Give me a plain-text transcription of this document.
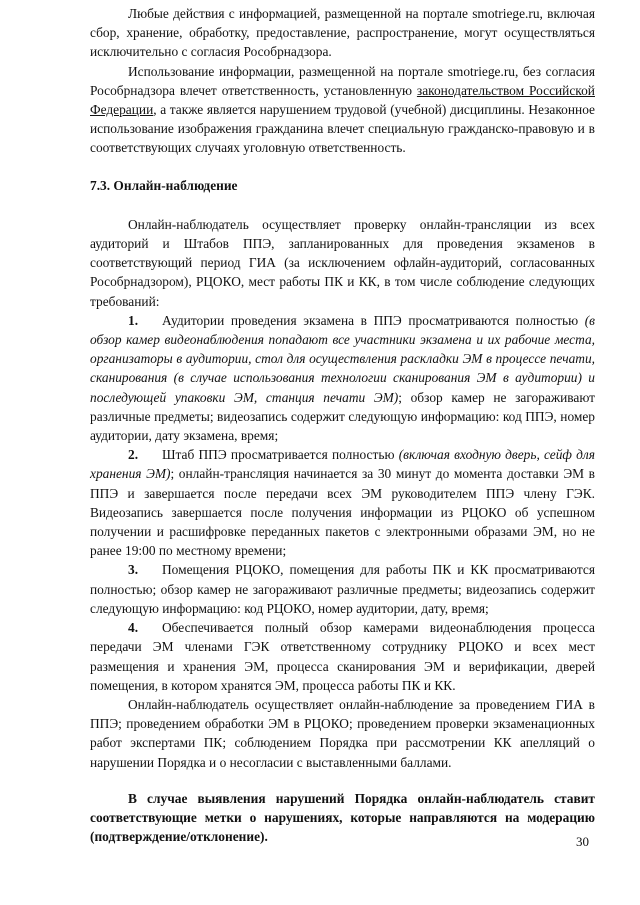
Любые действия с информацией, размещенной на портале smotriege.ru, включая сбор, хранение, обработку, предоставление, распространение, могут осуществляться исключительно с согласия Рособрнадзора.

Использование информации, размещенной на портале smotriege.ru, без согласия Рособрнадзора влечет ответственность, установленную законодательством Российской Федерации, а также является нарушением трудовой (учебной) дисциплины. Незаконное использование изображения гражданина влечет специальную гражданско-правовую и в соответствующих случаях уголовную ответственность.

7.3. Онлайн-наблюдение

Онлайн-наблюдатель осуществляет проверку онлайн-трансляции из всех аудиторий и Штабов ППЭ, запланированных для проведения экзаменов в соответствующий период ГИА (за исключением офлайн-аудиторий, согласованных Рособрнадзором), РЦОКО, мест работы ПК и КК, в том числе соблюдение следующих требований:

1. Аудитории проведения экзамена в ППЭ просматриваются полностью (в обзор камер видеонаблюдения попадают все участники экзамена и их рабочие места, организаторы в аудитории, стол для осуществления раскладки ЭМ в процессе печати, сканирования (в случае использования технологии сканирования ЭМ в аудитории) и последующей упаковки ЭМ, станция печати ЭМ); обзор камер не загораживают различные предметы; видеозапись содержит следующую информацию: код ППЭ, номер аудитории, дату экзамена, время;

2. Штаб ППЭ просматривается полностью (включая входную дверь, сейф для хранения ЭМ); онлайн-трансляция начинается за 30 минут до момента доставки ЭМ в ППЭ и завершается после передачи всех ЭМ руководителем ППЭ члену ГЭК. Видеозапись завершается после получения информации из РЦОКО об успешном получении и расшифровке переданных пакетов с электронными образами ЭМ, но не ранее 19:00 по местному времени;

3. Помещения РЦОКО, помещения для работы ПК и КК просматриваются полностью; обзор камер не загораживают различные предметы; видеозапись содержит следующую информацию: код РЦОКО, номер аудитории, дату, время;

4. Обеспечивается полный обзор камерами видеонаблюдения процесса передачи ЭМ членами ГЭК ответственному сотруднику РЦОКО и всех мест размещения и хранения ЭМ, процесса сканирования ЭМ и верификации, дверей помещения, в котором хранятся ЭМ, процесса работы ПК и КК.

Онлайн-наблюдатель осуществляет онлайн-наблюдение за проведением ГИА в ППЭ; проведением обработки ЭМ в РЦОКО; проведением проверки экзаменационных работ экспертами ПК; соблюдением Порядка при рассмотрении КК апелляций о нарушении Порядка и о несогласии с выставленными баллами.

В случае выявления нарушений Порядка онлайн-наблюдатель ставит соответствующие метки о нарушениях, которые направляются на модерацию (подтверждение/отклонение).	30
